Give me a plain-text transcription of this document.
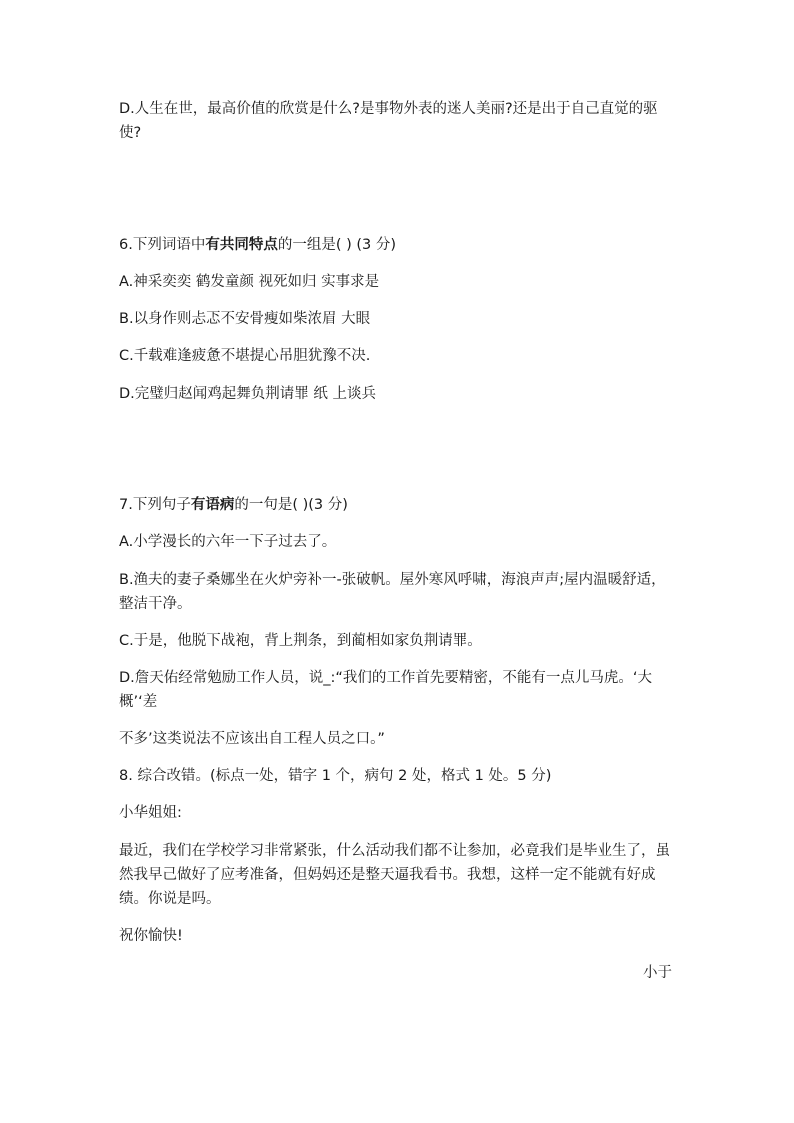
D.人生在世，最高价值的欣赏是什么?是事物外表的迷人美丽?还是出于自己直觉的驱使?
6.下列词语中有共同特点的一组是( ) (3 分)
A.神采奕奕 鹤发童颜 视死如归 实事求是
B.以身作则忐忑不安骨瘦如柴浓眉 大眼
C.千载难逢疲惫不堪提心吊胆犹豫不决.
D.完璧归赵闻鸡起舞负荆请罪 纸 上谈兵
7.下列句子有语病的一句是( )(3 分)
A.小学漫长的六年一下子过去了。
B.渔夫的妻子桑娜坐在火炉旁补一-张破帆。屋外寒风呼啸，海浪声声;屋内温暖舒适，整洁干净。
C.于是，他脱下战袍，背上荆条，到蔺相如家负荆请罪。
D.詹天佑经常勉励工作人员，说_:“我们的工作首先要精密，不能有一点儿马虎。‘大概’‘差
不多’这类说法不应该出自工程人员之口。”
8. 综合改错。(标点一处，错字 1 个，病句 2 处，格式 1 处。5 分)
小华姐姐:
最近，我们在学校学习非常紧张，什么活动我们都不让参加，必竟我们是毕业生了，虽然我早己做好了应考准备，但妈妈还是整天逼我看书。我想，这样一定不能就有好成绩。你说是吗。
祝你愉快!
小于
